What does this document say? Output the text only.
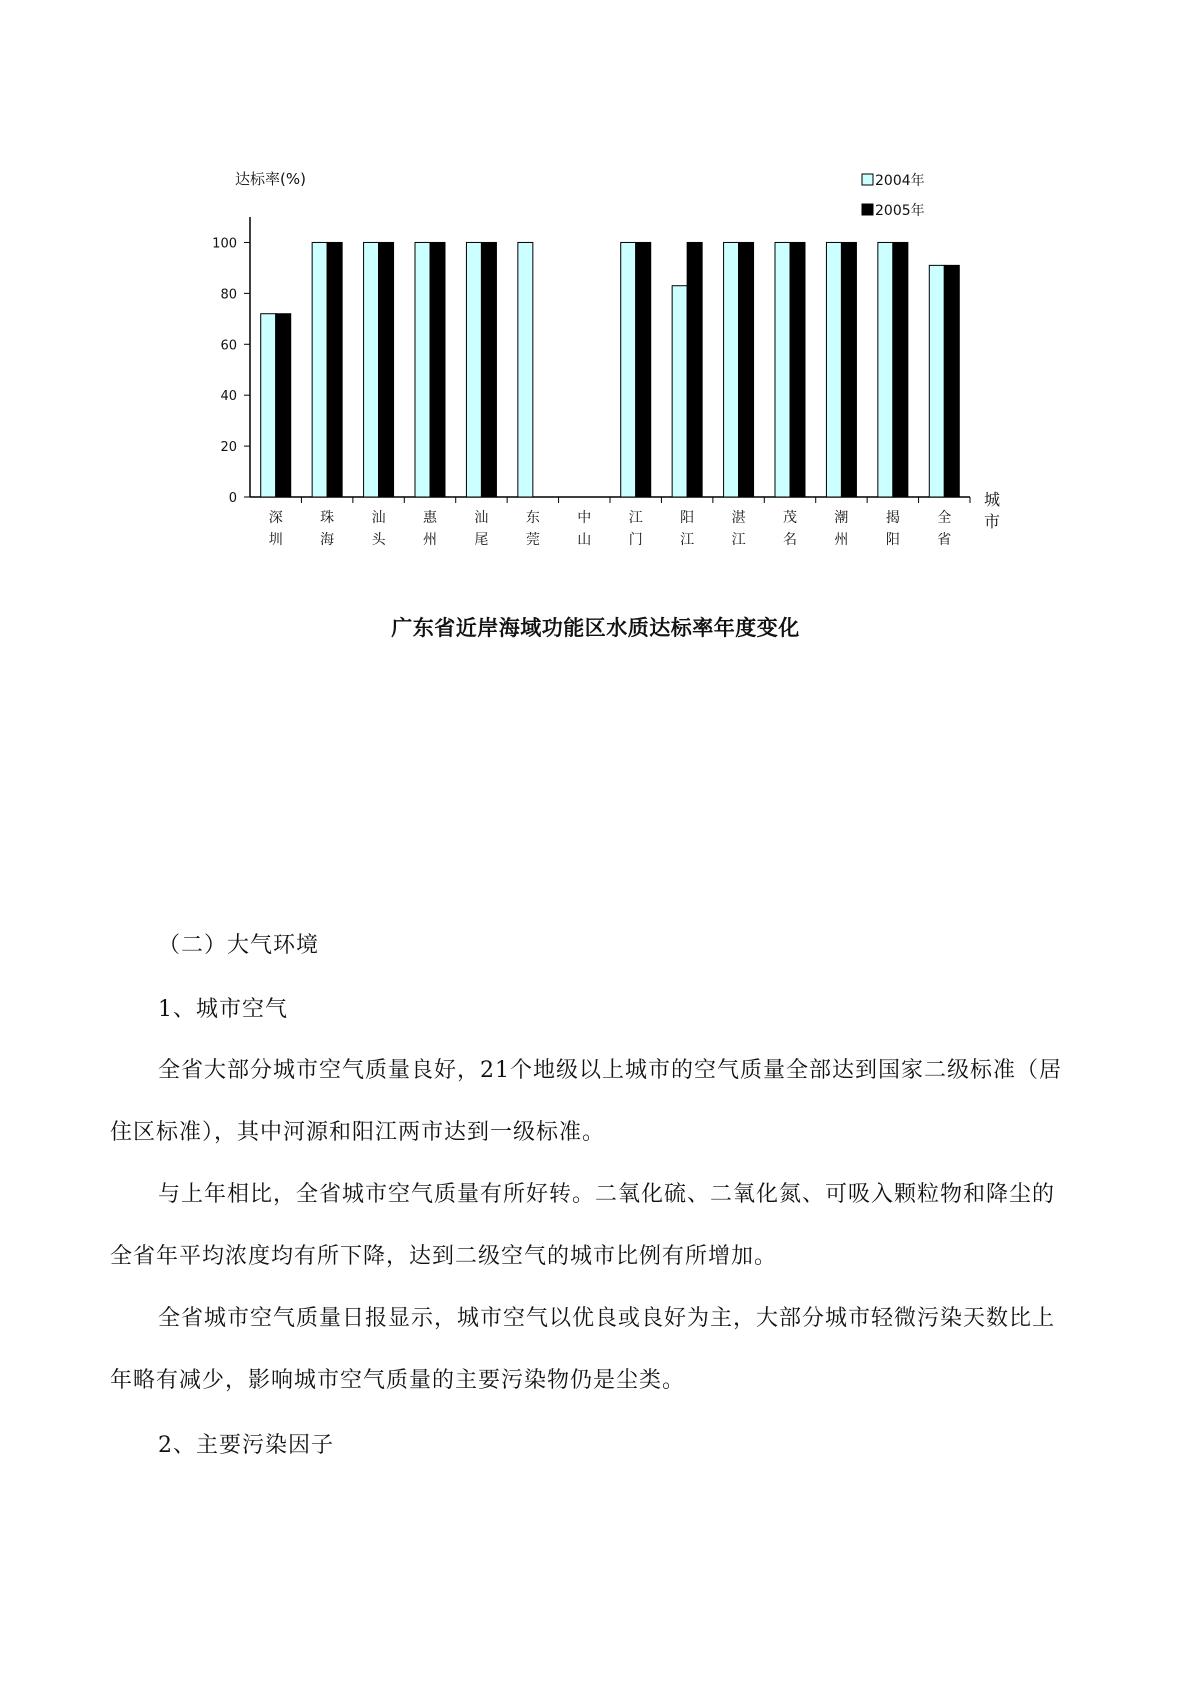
0
20
40
60
80
100
达标率(%)
深
圳
珠
海
汕
头
惠
州
汕
尾
东
莞
中
山
江
门
阳
江
湛
江
茂
名
潮
州
揭
阳
全
省
城
市
2004年
2005年
广东省近岸海域功能区水质达标率年度变化
（二）大气环境
1、城市空气
全省大部分城市空气质量良好，21个地级以上城市的空气质量全部达到国家二级标准（居住区标准），其中河源和阳江两市达到一级标准。
与上年相比，全省城市空气质量有所好转。二氧化硫、二氧化氮、可吸入颗粒物和降尘的全省年平均浓度均有所下降，达到二级空气的城市比例有所增加。
全省城市空气质量日报显示，城市空气以优良或良好为主，大部分城市轻微污染天数比上年略有减少，影响城市空气质量的主要污染物仍是尘类。
2、主要污染因子
